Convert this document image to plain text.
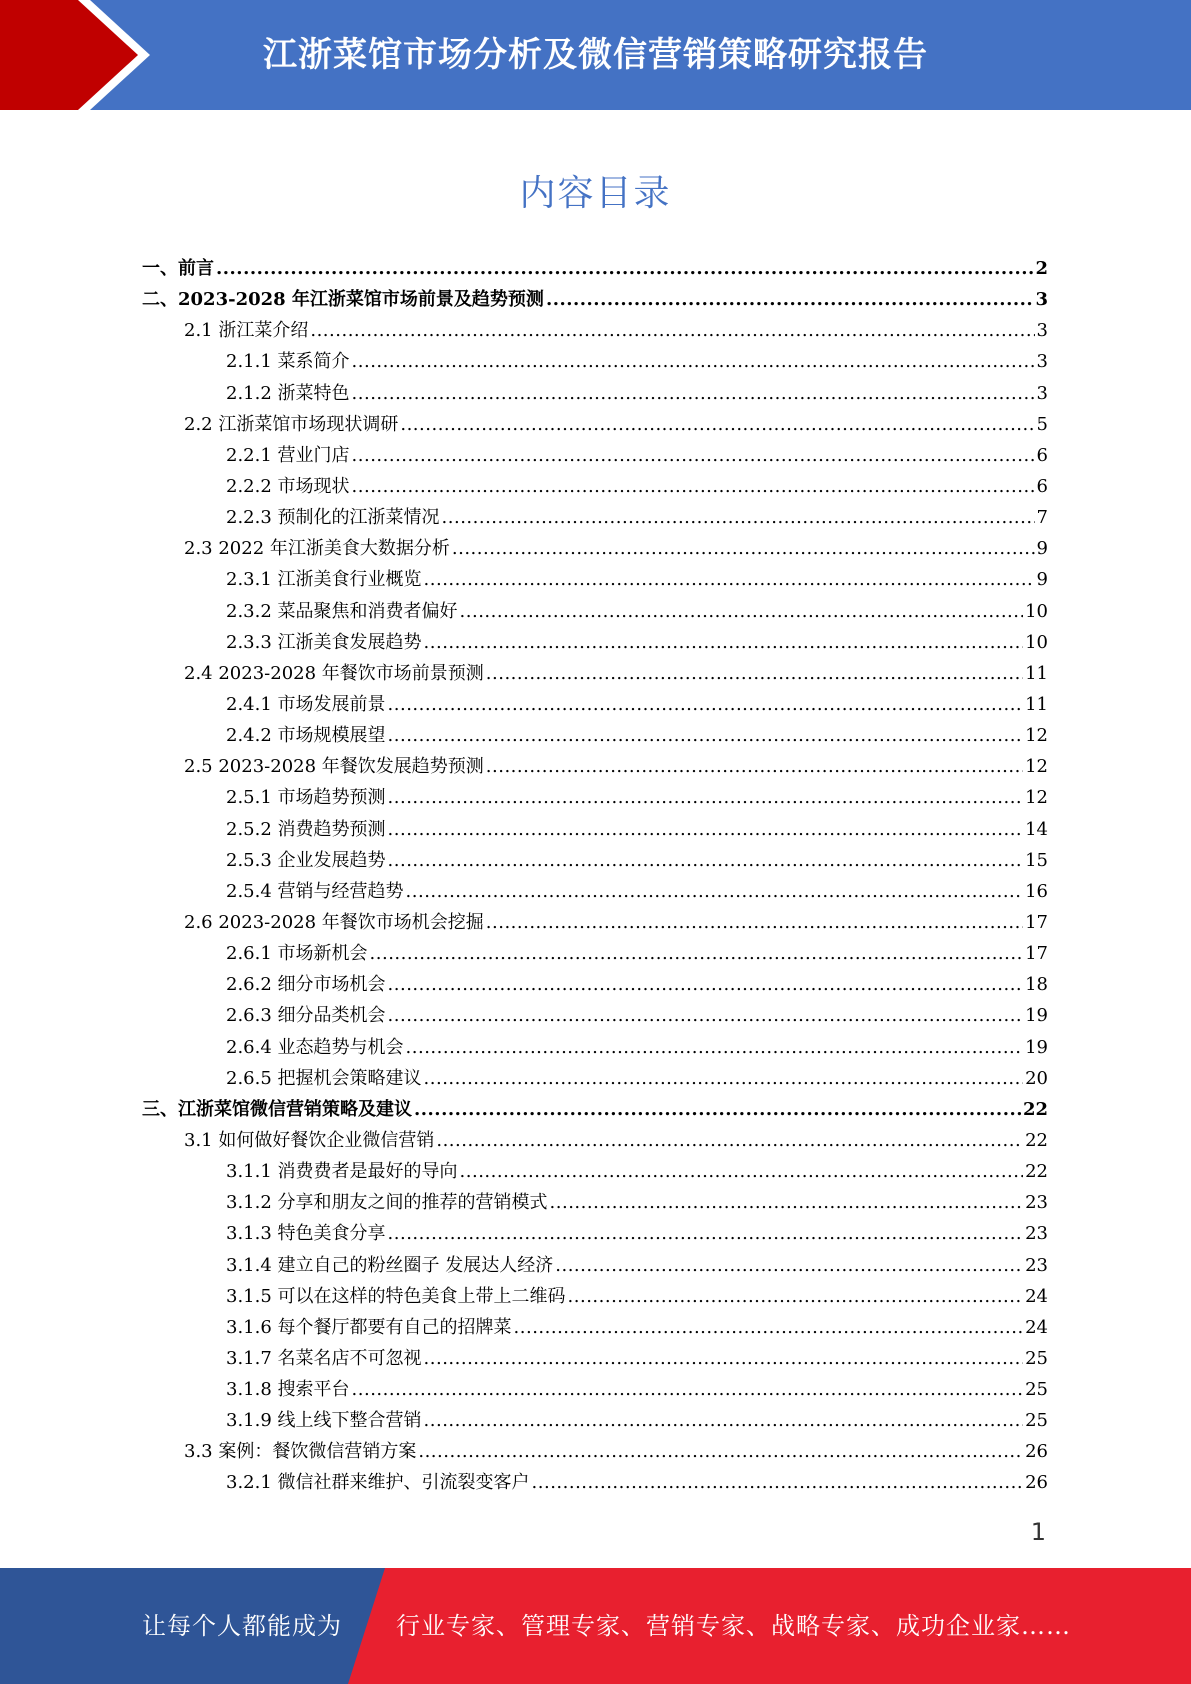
江浙菜馆市场分析及微信营销策略研究报告
内容目录
一、前言 .....	2
二、2023-2028 年江浙菜馆市场前景及趋势预测 .....	3
2.1 浙江菜介绍 .....	3
2.1.1 菜系简介 .....	3
2.1.2 浙菜特色 .....	3
2.2 江浙菜馆市场现状调研 .....	5
2.2.1 营业门店 .....	6
2.2.2 市场现状 .....	6
2.2.3 预制化的江浙菜情况 .....	7
2.3 2022 年江浙美食大数据分析 .....	9
2.3.1 江浙美食行业概览 .....	9
2.3.2 菜品聚焦和消费者偏好 .....	10
2.3.3 江浙美食发展趋势 .....	10
2.4 2023-2028 年餐饮市场前景预测 .....	11
2.4.1 市场发展前景 .....	11
2.4.2 市场规模展望 .....	12
2.5 2023-2028 年餐饮发展趋势预测 .....	12
2.5.1 市场趋势预测 .....	12
2.5.2 消费趋势预测 .....	14
2.5.3 企业发展趋势 .....	15
2.5.4 营销与经营趋势 .....	16
2.6 2023-2028 年餐饮市场机会挖掘 .....	17
2.6.1 市场新机会 .....	17
2.6.2 细分市场机会 .....	18
2.6.3 细分品类机会 .....	19
2.6.4 业态趋势与机会 .....	19
2.6.5 把握机会策略建议 .....	20
三、江浙菜馆微信营销策略及建议 .....	22
3.1 如何做好餐饮企业微信营销 .....	22
3.1.1 消费费者是最好的导向 .....	22
3.1.2 分享和朋友之间的推荐的营销模式 .....	23
3.1.3 特色美食分享 .....	23
3.1.4 建立自己的粉丝圈子 发展达人经济 .....	23
3.1.5 可以在这样的特色美食上带上二维码 .....	24
3.1.6 每个餐厅都要有自己的招牌菜 .....	24
3.1.7 名菜名店不可忽视 .....	25
3.1.8 搜索平台 .....	25
3.1.9 线上线下整合营销 .....	25
3.3 案例：餐饮微信营销方案 .....	26
3.2.1 微信社群来维护、引流裂变客户 .....	26
1
让每个人都能成为 行业专家、管理专家、营销专家、战略专家、成功企业家……
